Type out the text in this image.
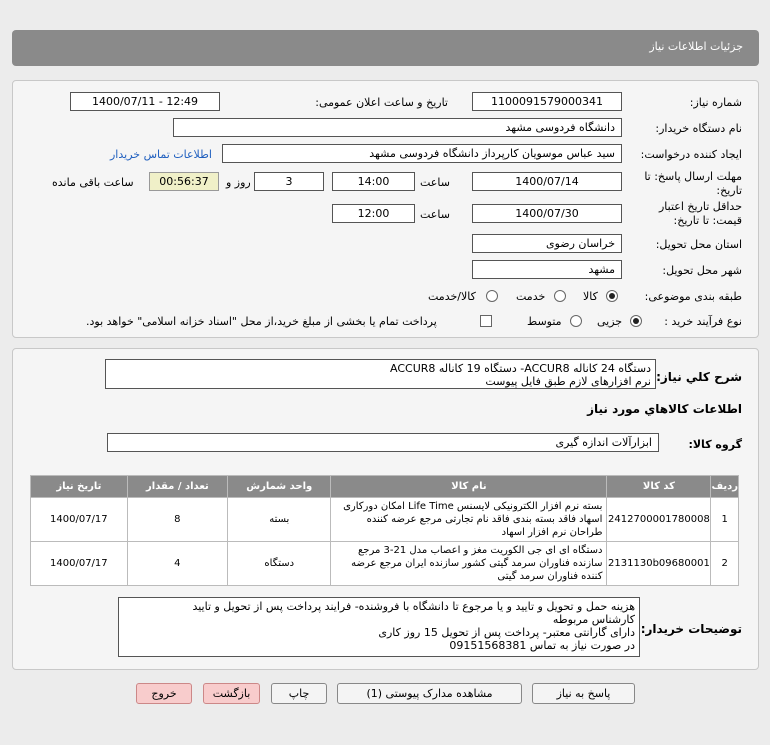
جزئیات اطلاعات نیاز
شماره نیاز:
1100091579000341
تاریخ و ساعت اعلان عمومی:
1400/07/11 - 12:49
نام دستگاه خریدار:
دانشگاه فردوسی مشهد
ایجاد کننده درخواست:
سید عباس موسویان کارپرداز دانشگاه فردوسی مشهد
اطلاعات تماس خریدار
مهلت ارسال پاسخ: تا
تاریخ:
1400/07/14
ساعت
14:00
3
روز و
00:56:37
ساعت باقی مانده
حداقل تاریخ اعتبار
قیمت: تا تاریخ:
1400/07/30
ساعت
12:00
استان محل تحویل:
خراسان رضوی
شهر محل تحویل:
مشهد
طبقه بندی موضوعی:
کالا
خدمت
کالا/خدمت
نوع فرآیند خرید :
جزیی
متوسط
پرداخت تمام یا بخشی از مبلغ خرید،از محل "اسناد خزانه اسلامی" خواهد بود.
شرح کلي نیاز:
دستگاه 24 کاناله ACCUR8- دستگاه 19 کاناله ACCUR8
نرم افزارهای لازم طبق فایل پیوست
اطلاعات کالاهاي مورد نیاز
گروه کالا:
ابزارآلات اندازه گیری
ردیف	کد کالا	نام کالا	واحد شمارش	تعداد / مقدار	تاریخ نیاز
1	2412700001780008	بسته نرم افزار الکترونیکی لایسنس Life Time امکان دورکاری اسهاد فاقد بسته بندی فاقد نام تجارتی مرجع عرضه کننده طراحان نرم افزار اسهاد	بسته	8	1400/07/17
2	2131130b09680001	دستگاه ای ای جی الکوریت مغز و اعصاب مدل 21-3 مرجع سازنده فناوران سرمد گیتی کشور سازنده ایران مرجع عرضه کننده فناوران سرمد گیتی	دستگاه	4	1400/07/17
توضیحات خریدار:
هزینه حمل و تحویل و تایید و یا مرجوع تا دانشگاه با فروشنده- فرایند پرداخت پس از تحویل و تایید
کارشناس مربوطه
دارای گارانتی معتبر- پرداخت پس از تحویل 15 روز کاری
در صورت نیاز به تماس 09151568381
پاسخ به نیاز
مشاهده مدارک پیوستی (1)
چاپ
بازگشت
خروج
